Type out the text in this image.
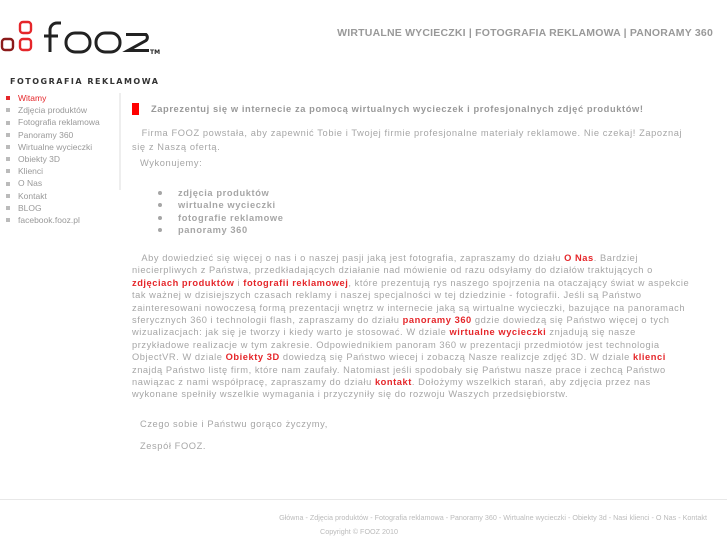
TM
FOTOGRAFIA REKLAMOWA
WIRTUALNE WYCIECZKI | FOTOGRAFIA REKLAMOWA | PANORAMY 360
Witamy
Zdjęcia produktów
Fotografia reklamowa
Panoramy 360
Wirtualne wycieczki
Obiekty 3D
Klienci
O Nas
Kontakt
BLOG
facebook.fooz.pl
Zaprezentuj się w internecie za pomocą wirtualnych wycieczek i profesjonalnych zdjęć produktów!
Firma FOOZ powstała, aby zapewnić Tobie i Twojej firmie profesjonalne materiały reklamowe. Nie czekaj! Zapoznaj się z Naszą ofertą.
Wykonujemy:
zdjęcia produktów
wirtualne wycieczki
fotografie reklamowe
panoramy 360
Aby dowiedzieć się więcej o nas i o naszej pasji jaką jest fotografia, zapraszamy do działu O Nas. Bardziej niecierpliwych z Państwa, przedkładających działanie nad mówienie od razu odsyłamy do działów traktujących o zdjęciach produktów i fotografii reklamowej, które prezentują rys naszego spojrzenia na otaczający świat w aspekcie tak ważnej w dzisiejszych czasach reklamy i naszej specjalności w tej dziedzinie - fotografii. Jeśli są Państwo zainteresowani nowoczesą formą prezentacji wnętrz w internecie jaką są wirtualne wycieczki, bazujące na panoramach sferycznych 360 i technologii flash, zapraszamy do działu panoramy 360 gdzie dowiedzą się Państwo więcej o tych wizualizacjach: jak się je tworzy i kiedy warto je stosować. W dziale wirtualne wycieczki znjadują się nasze przykładowe realizacje w tym zakresie. Odpowiednikiem panoram 360 w prezentacji przedmiotów jest technologia ObjectVR. W dziale Obiekty 3D dowiedzą się Państwo wiecej i zobaczą Nasze realizcje zdjęć 3D. W dziale klienci znajdą Państwo listę firm, które nam zaufały. Natomiast jeśli spodobały się Państwu nasze prace i zechcą Państwo nawiązac z nami współpracę, zapraszamy do działu kontakt. Dołożymy wszelkich starań, aby zdjęcia przez nas wykonane spełniły wszelkie wymagania i przyczyniły się do rozwoju Waszych przedsiębiorstw.
Czego sobie i Państwu gorąco życzymy,
Zespół FOOZ.
Główna - Zdjęcia produktów - Fotografia reklamowa - Panoramy 360 - Wirtualne wycieczki - Obiekty 3d - Nasi klienci - O Nas - Kontakt
Copyright © FOOZ 2010
